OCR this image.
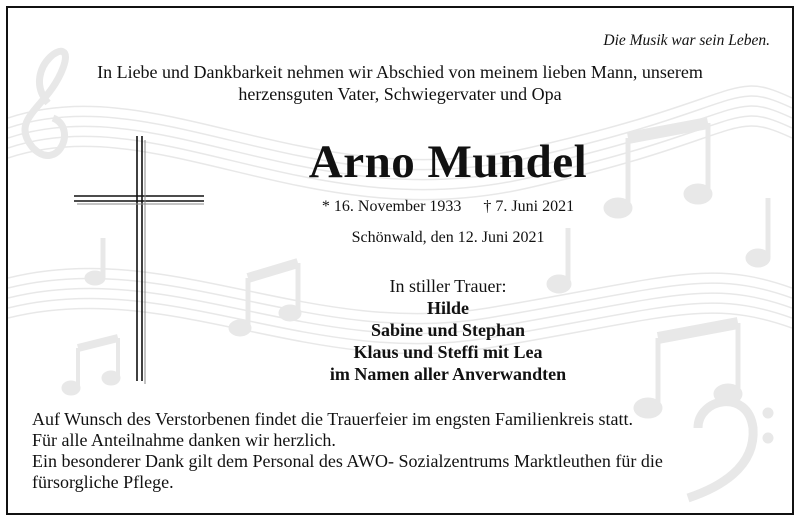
Die Musik war sein Leben.
In Liebe und Dankbarkeit nehmen wir Abschied von meinem lieben Mann, unserem
herzensguten Vater, Schwiegervater und Opa
Arno Mundel
* 16. November 1933 † 7. Juni 2021
Schönwald, den 12. Juni 2021
In stiller Trauer:
Hilde
Sabine und Stephan
Klaus und Steffi mit Lea
im Namen aller Anverwandten
Auf Wunsch des Verstorbenen findet die Trauerfeier im engsten Familienkreis statt.
Für alle Anteilnahme danken wir herzlich.
Ein besonderer Dank gilt dem Personal des AWO- Sozialzentrums Marktleuthen für die
fürsorgliche Pflege.
